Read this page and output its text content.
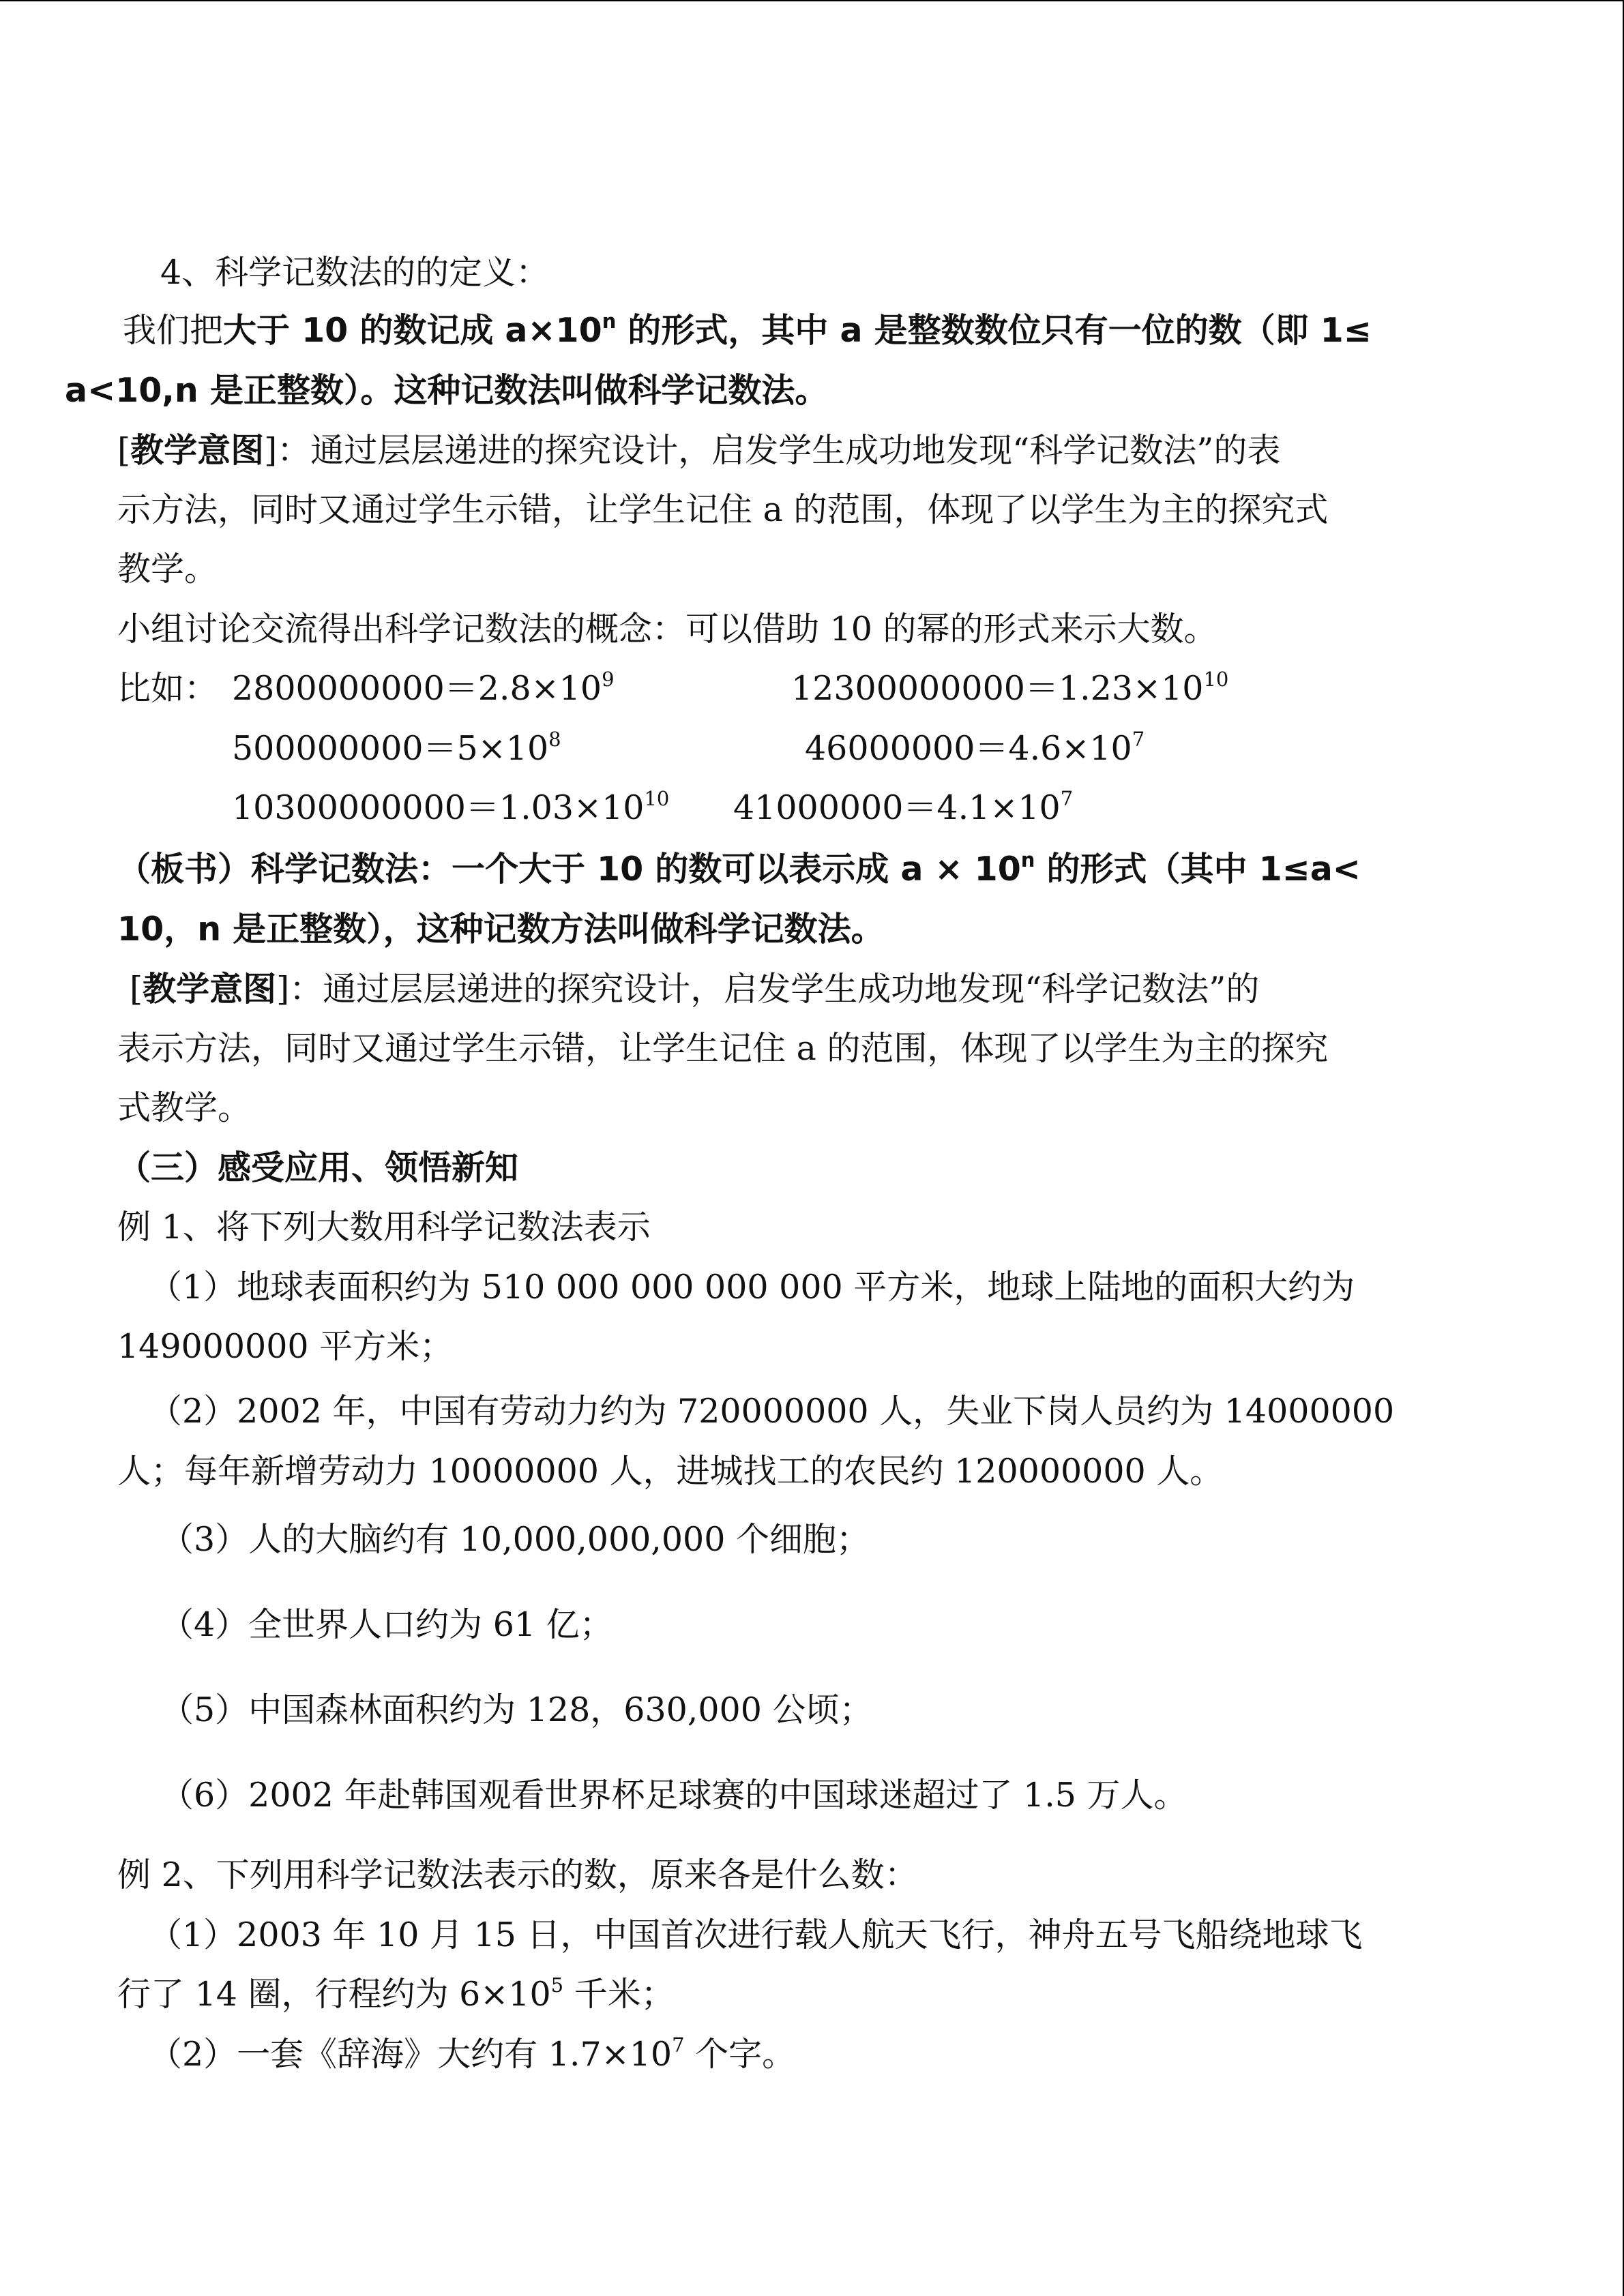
4、科学记数法的的定义：

我们把大于 10 的数记成 $a\times 10^n$ 的形式，其中 a 是整数数位只有一位的数（即 1≤

a<10,n 是正整数）。这种记数法叫做科学记数法。

[教学意图]：通过层层递进的探究设计，启发学生成功地发现“科学记数法”的表

示方法，同时又通过学生示错，让学生记住 a 的范围，体现了以学生为主的探究式

教学。

小组讨论交流得出科学记数法的概念：可以借助 10 的幂的形式来示大数。

比如： $2800000000=2.8\times 10^9$	$12300000000=1.23\times 10^{10}$

$500000000=5\times 10^8$	$46000000=4.6\times 10^7$

$10300000000=1.03\times 10^{10}$ $41000000=4.1\times 10^7$

（板书）科学记数法：一个大于 10 的数可以表示成 $a \times 10^n$ 的形式（其中 1≤a<

10，n 是正整数），这种记数方法叫做科学记数法。

[教学意图]：通过层层递进的探究设计，启发学生成功地发现“科学记数法”的

表示方法，同时又通过学生示错，让学生记住 a 的范围，体现了以学生为主的探究

式教学。

（三）感受应用、领悟新知

例 1、将下列大数用科学记数法表示

（1）地球表面积约为 510 000 000 000 000 平方米，地球上陆地的面积大约为

149000000 平方米；

（2）2002 年，中国有劳动力约为 720000000 人，失业下岗人员约为 14000000

人；每年新增劳动力 10000000 人，进城找工的农民约 120000000 人。

（3）人的大脑约有 10,000,000,000 个细胞；

（4）全世界人口约为 61 亿；

（5）中国森林面积约为 128，630,000 公顷；

（6）2002 年赴韩国观看世界杯足球赛的中国球迷超过了 1.5 万人。

例 2、下列用科学记数法表示的数，原来各是什么数：

（1）2003 年 10 月 15 日，中国首次进行载人航天飞行，神舟五号飞船绕地球飞

行了 14 圈，行程约为 $6\times 10^5$ 千米；

（2）一套《辞海》大约有 $1.7\times 10^7$ 个字。
